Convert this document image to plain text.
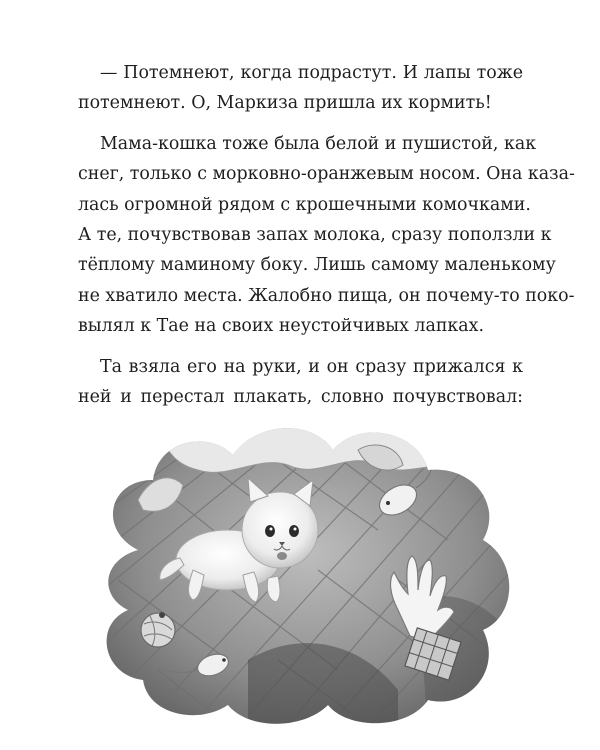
— Потемнеют, когда подрастут. И лапы тоже
потемнеют. О, Маркиза пришла их кормить!

Мама-кошка тоже была белой и пушистой, как
снег, только с морковно-оранжевым носом. Она каза-
лась огромной рядом с крошечными комочками.
А те, почувствовав запах молока, сразу поползли к
тёплому маминому боку. Лишь самому маленькому
не хватило места. Жалобно пища, он почему-то поко-
вылял к Тае на своих неустойчивых лапках.

Та взяла его на руки, и он сразу прижался к
ней и перестал плакать, словно почувствовал:
